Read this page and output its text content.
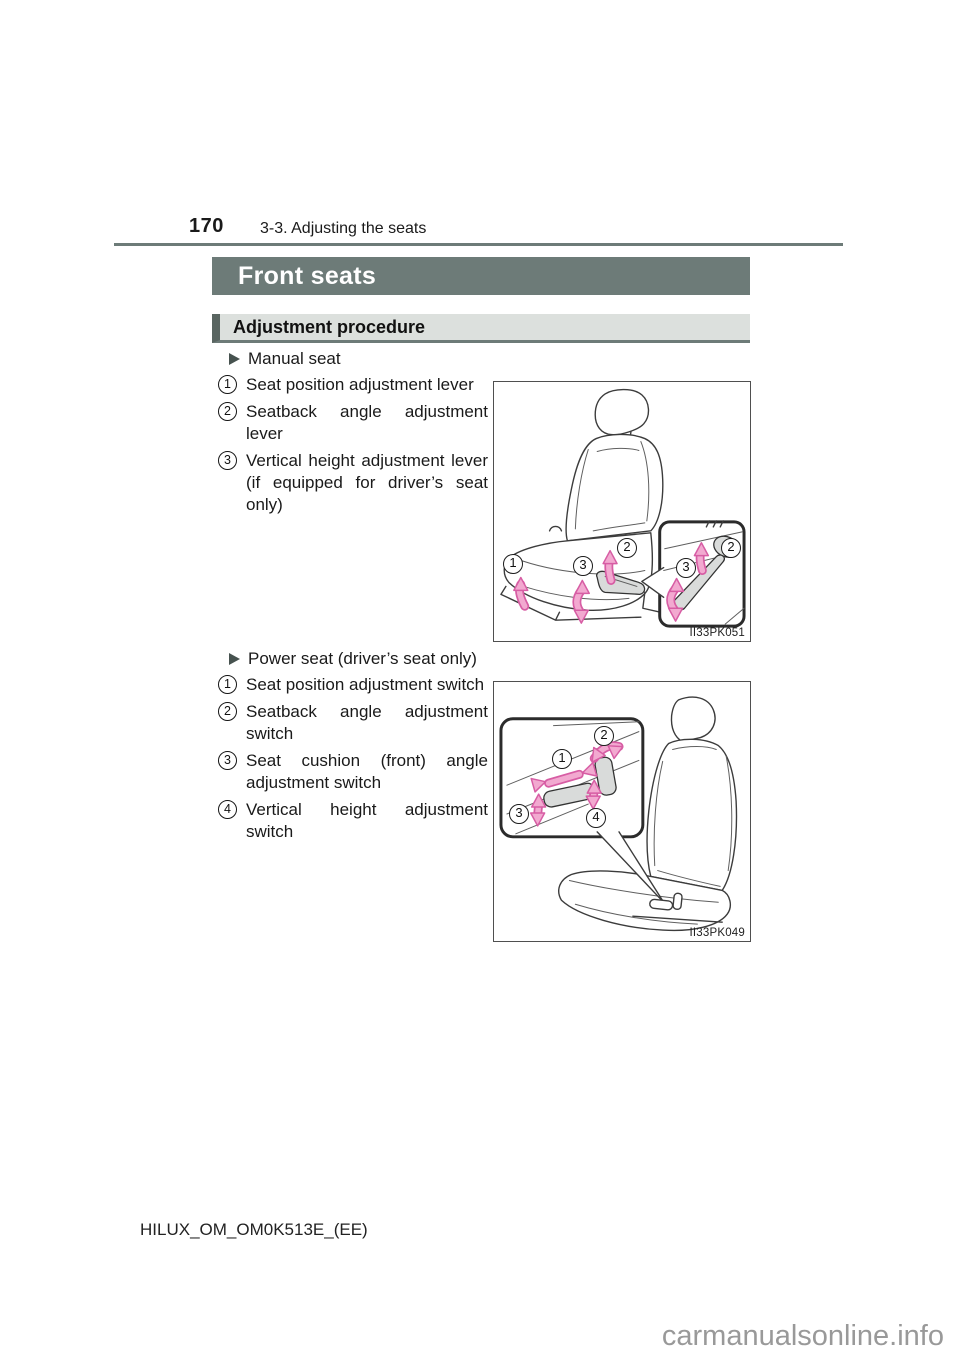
170 3-3. Adjusting the seats
Front seats
Adjustment procedure
Manual seat
1 Seat position adjustment lever
2 Seatback angle adjustment lever
3 Vertical height adjustment lever (if equipped for driver’s seat only)
1	3
2
3
2
II33PK051
Power seat (driver’s seat only)
1 Seat position adjustment switch
2 Seatback angle adjustment switch
3 Seat cushion (front) angle adjustment switch
4 Vertical height adjustment switch
1
2
3	4
II33PK049
HILUX_OM_OM0K513E_(EE)
carmanualsonline.info
